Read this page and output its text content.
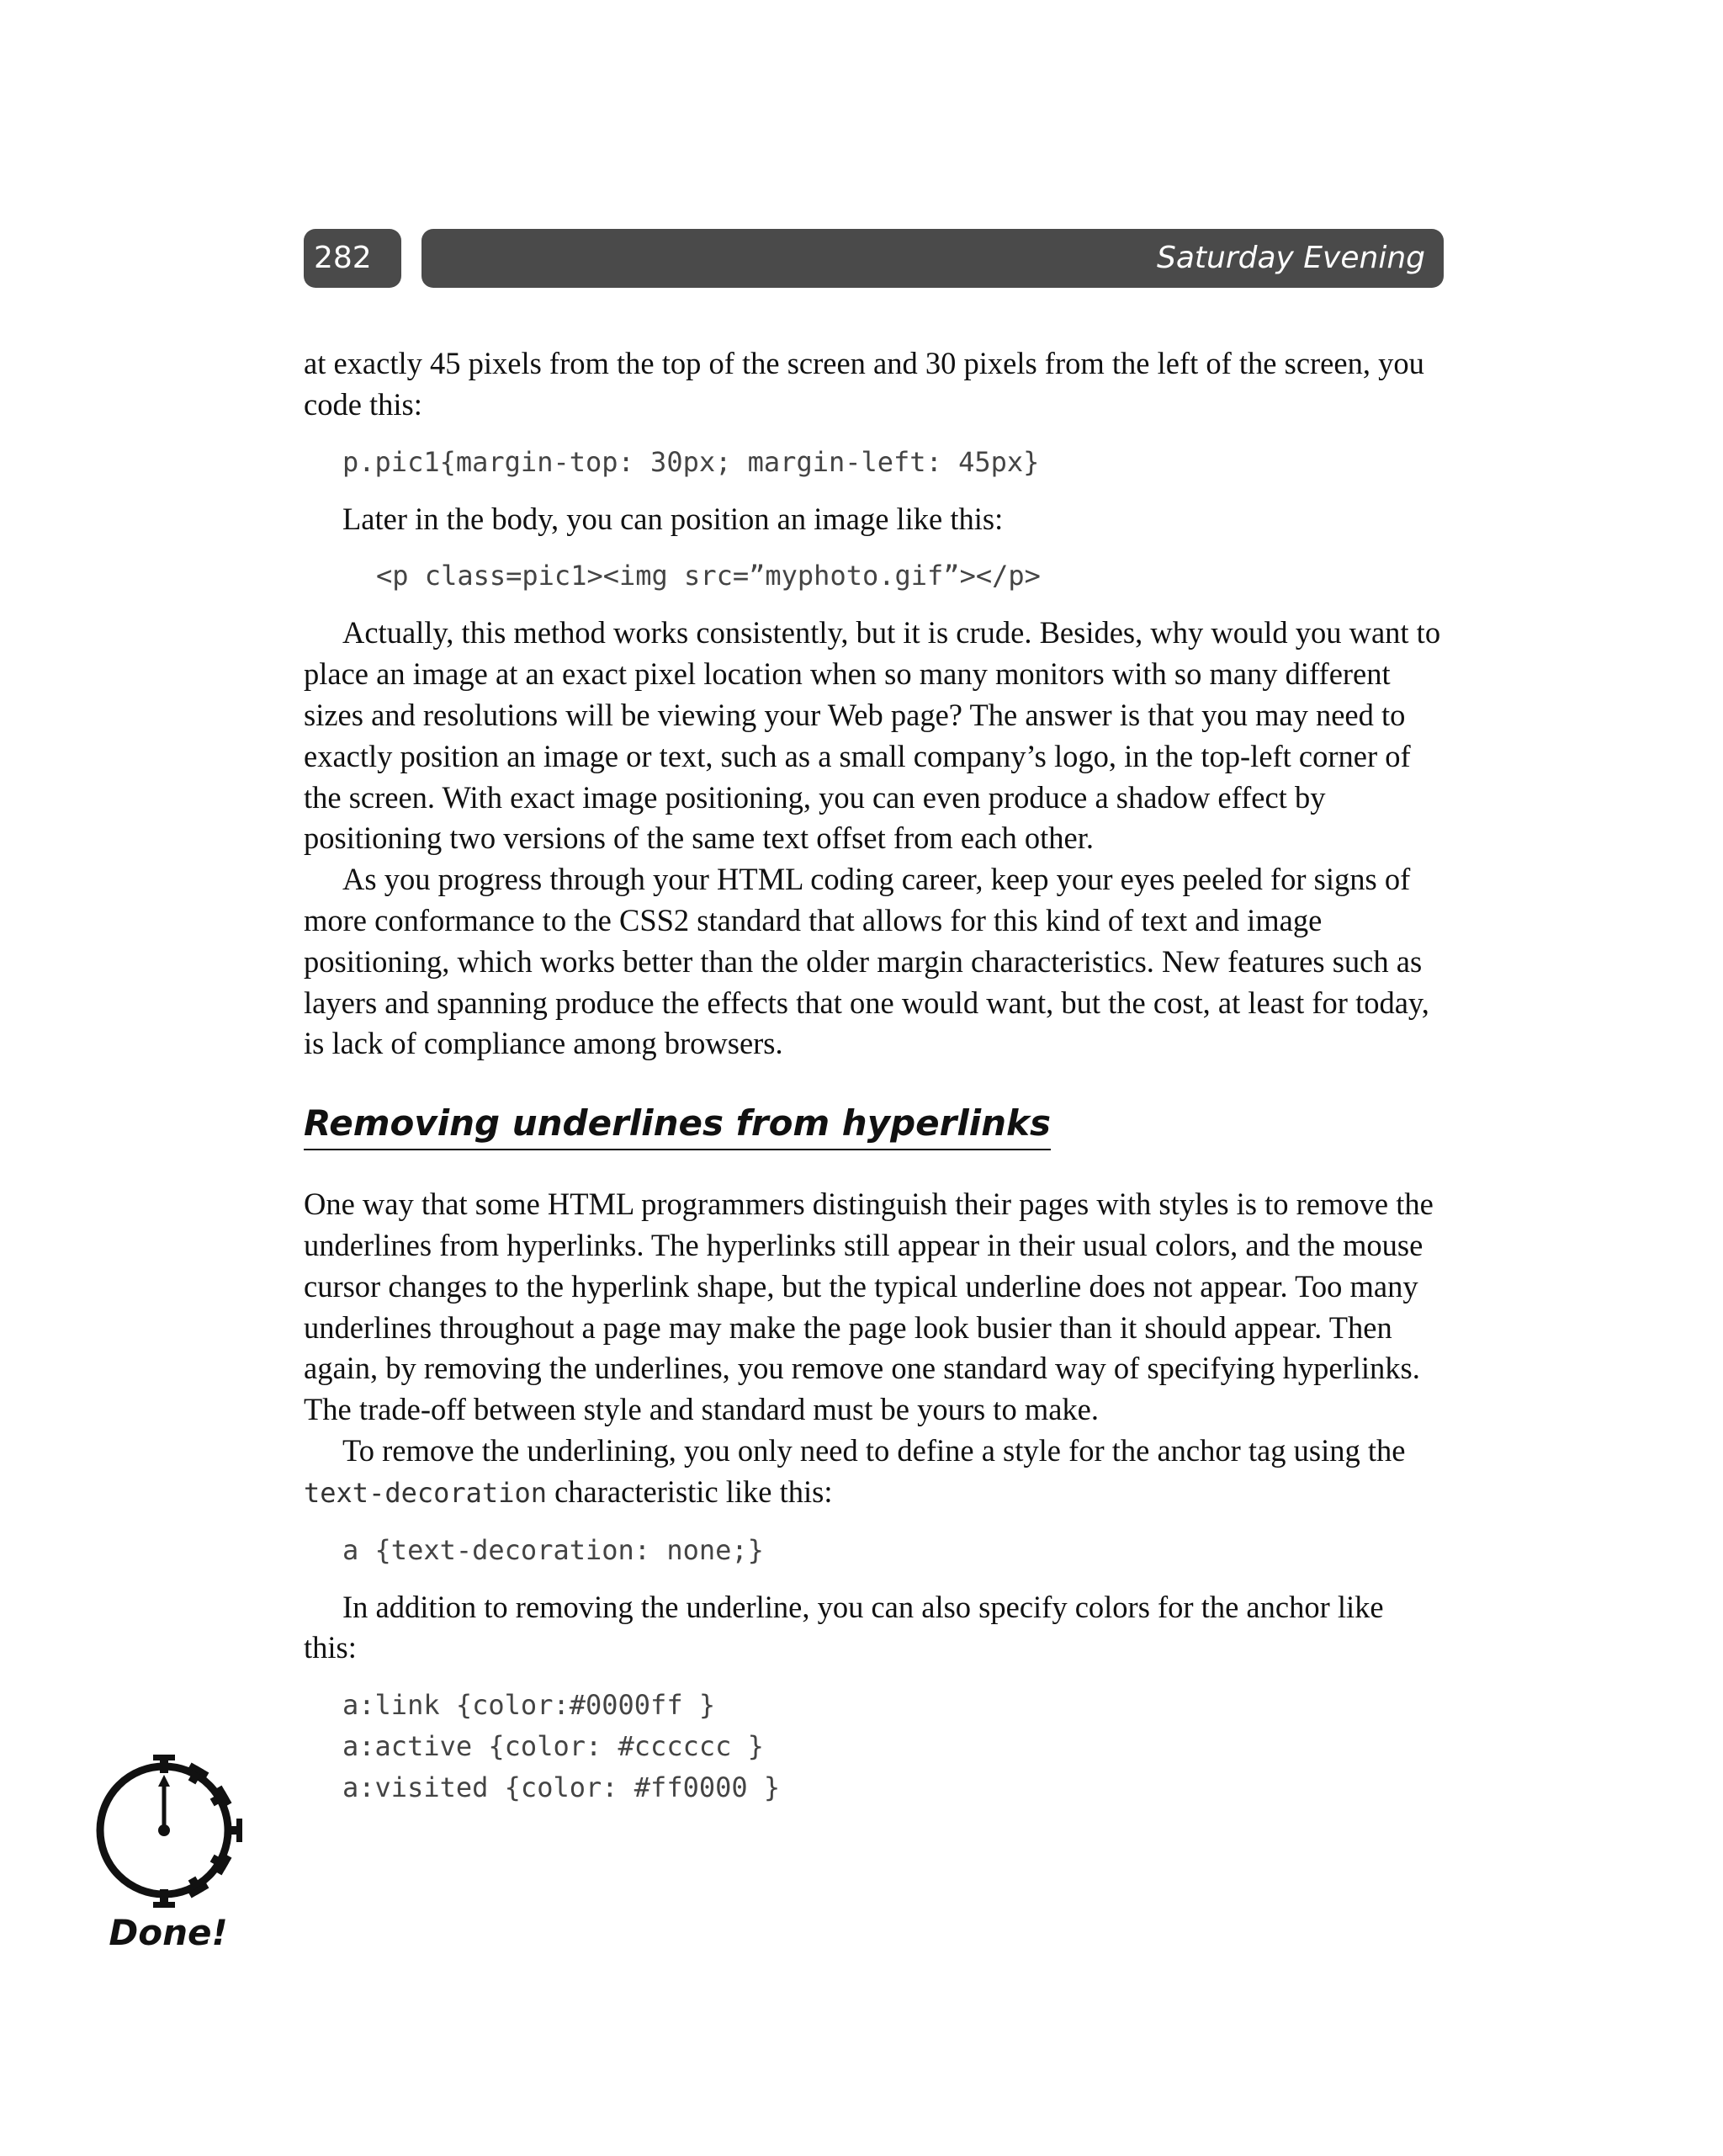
282	Saturday Evening

at exactly 45 pixels from the top of the screen and 30 pixels from the left of the screen, you code this:

p.pic1{margin-top: 30px; margin-left: 45px}

Later in the body, you can position an image like this:

<p class=pic1><img src=”myphoto.gif”></p>

Actually, this method works consistently, but it is crude. Besides, why would you want to place an image at an exact pixel location when so many monitors with so many different sizes and resolutions will be viewing your Web page? The answer is that you may need to exactly position an image or text, such as a small company’s logo, in the top-left corner of the screen. With exact image positioning, you can even produce a shadow effect by positioning two versions of the same text offset from each other.

As you progress through your HTML coding career, keep your eyes peeled for signs of more conformance to the CSS2 standard that allows for this kind of text and image positioning, which works better than the older margin characteristics. New features such as layers and spanning produce the effects that one would want, but the cost, at least for today, is lack of compliance among browsers.

Removing underlines from hyperlinks

One way that some HTML programmers distinguish their pages with styles is to remove the underlines from hyperlinks. The hyperlinks still appear in their usual colors, and the mouse cursor changes to the hyperlink shape, but the typical underline does not appear. Too many underlines throughout a page may make the page look busier than it should appear. Then again, by removing the underlines, you remove one standard way of specifying hyperlinks. The trade-off between style and standard must be yours to make.

To remove the underlining, you only need to define a style for the anchor tag using the text-decoration characteristic like this:

a {text-decoration: none;}

In addition to removing the underline, you can also specify colors for the anchor like this:

a:link {color:#0000ff }

a:active {color: #cccccc }

a:visited {color: #ff0000 }

Done!
